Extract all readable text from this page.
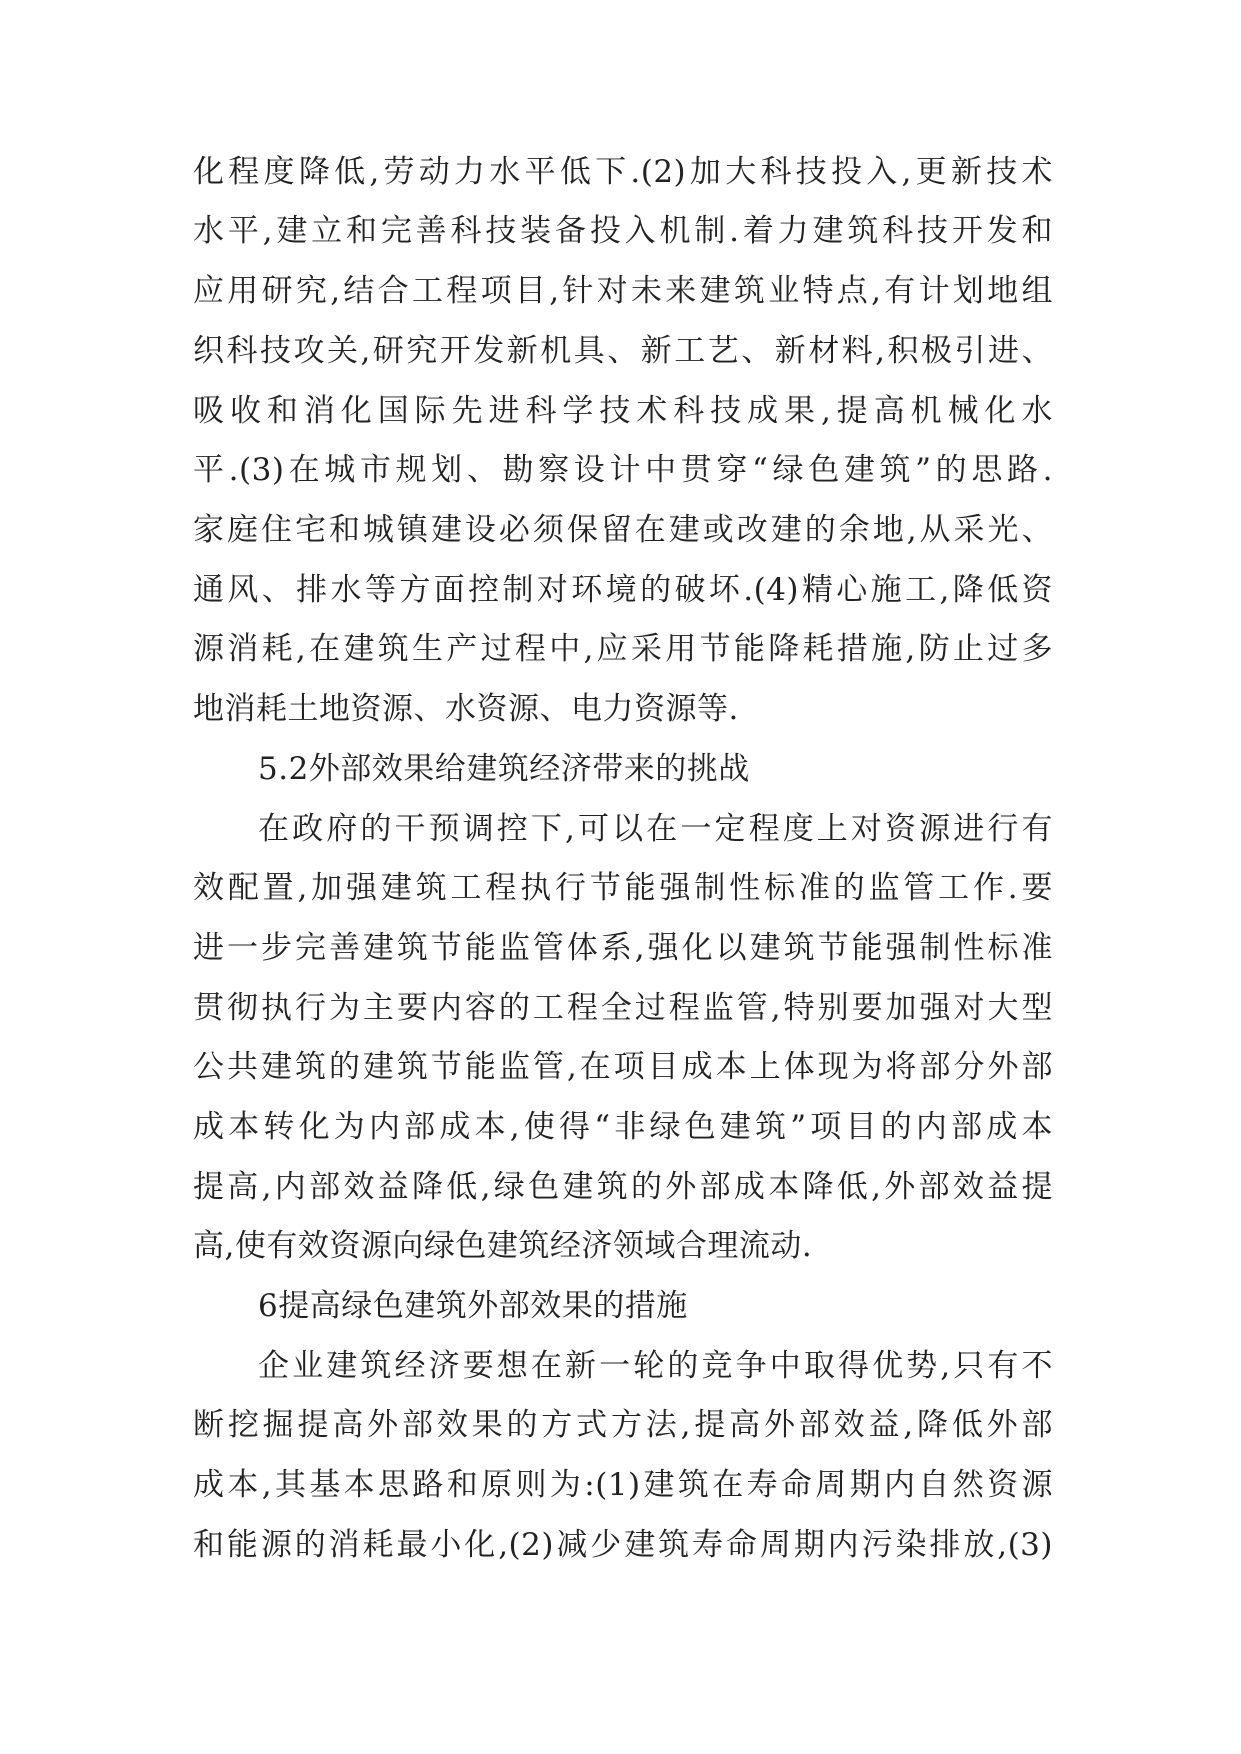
化程度降低,劳动力水平低下.(2)加大科技投入,更新技术
水平,建立和完善科技装备投入机制.着力建筑科技开发和
应用研究,结合工程项目,针对未来建筑业特点,有计划地组
织科技攻关,研究开发新机具、新工艺、新材料,积极引进、
吸收和消化国际先进科学技术科技成果,提高机械化水
平.(3)在城市规划、勘察设计中贯穿“绿色建筑”的思路.
家庭住宅和城镇建设必须保留在建或改建的余地,从采光、
通风、排水等方面控制对环境的破坏.(4)精心施工,降低资
源消耗,在建筑生产过程中,应采用节能降耗措施,防止过多
地消耗土地资源、水资源、电力资源等.
5.2外部效果给建筑经济带来的挑战
在政府的干预调控下,可以在一定程度上对资源进行有
效配置,加强建筑工程执行节能强制性标准的监管工作.要
进一步完善建筑节能监管体系,强化以建筑节能强制性标准
贯彻执行为主要内容的工程全过程监管,特别要加强对大型
公共建筑的建筑节能监管,在项目成本上体现为将部分外部
成本转化为内部成本,使得“非绿色建筑”项目的内部成本
提高,内部效益降低,绿色建筑的外部成本降低,外部效益提
高,使有效资源向绿色建筑经济领域合理流动.
6提高绿色建筑外部效果的措施
企业建筑经济要想在新一轮的竞争中取得优势,只有不
断挖掘提高外部效果的方式方法,提高外部效益,降低外部
成本,其基本思路和原则为:(1)建筑在寿命周期内自然资源
和能源的消耗最小化,(2)减少建筑寿命周期内污染排放,(3)
